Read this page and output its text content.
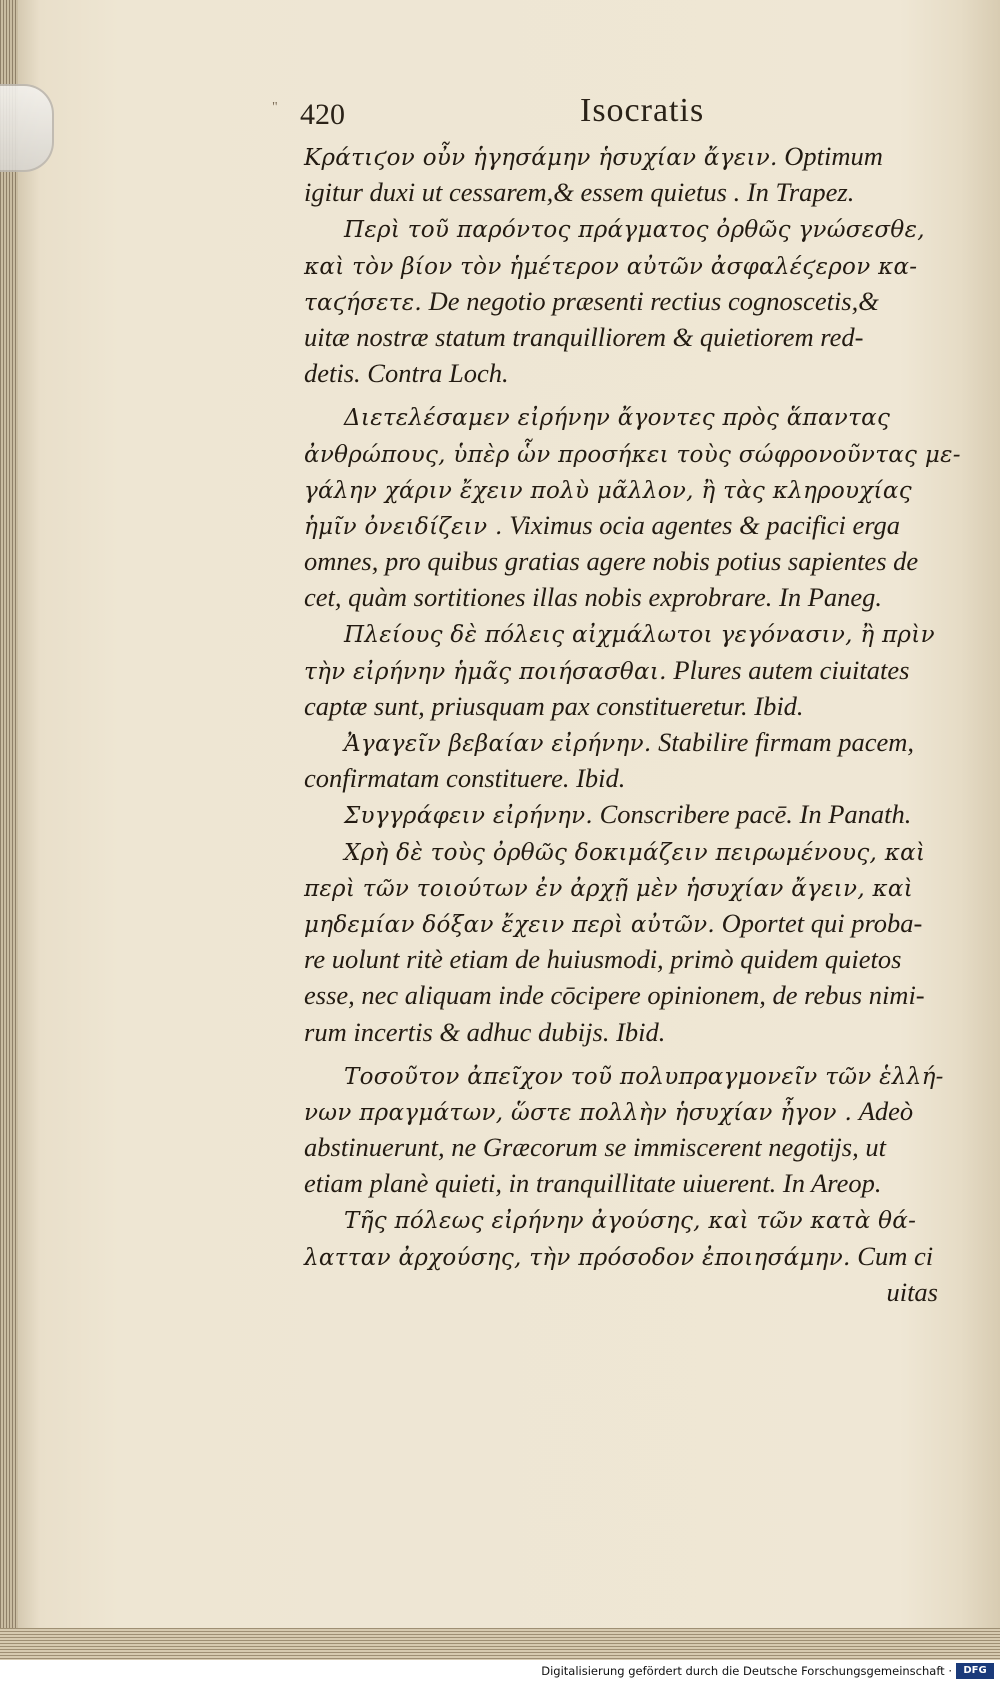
" 420	Isocratis
Κράτιϛον οὖν ἡγησάμην ἡσυχίαν ἄγειν. Optimum
igitur duxi ut cessarem,& essem quietus . In Trapez.
Περὶ τοῦ παρόντος πράγματος ὀρθῶς γνώσεσθε,
καὶ τὸν βίον τὸν ἡμέτερον αὐτῶν ἀσφαλέϛερον κα-
ταϛήσετε. De negotio præsenti rectius cognoscetis,&
uitæ nostræ statum tranquilliorem & quietiorem red-
detis. Contra Loch.
Διετελέσαμεν εἰρήνην ἄγοντες πρὸς ἅπαντας
ἀνθρώπους, ὑπὲρ ὧν προσήκει τοὺς σώφρονοῦντας με-
γάλην χάριν ἔχειν πολὺ μᾶλλον, ἢ τὰς κληρουχίας
ἡμῖν ὀνειδίζειν . Viximus ocia agentes & pacifici erga
omnes, pro quibus gratias agere nobis potius sapientes de
cet, quàm sortitiones illas nobis exprobrare. In Paneg.
Πλείους δὲ πόλεις αἰχμάλωτοι γεγόνασιν, ἢ πρὶν
τὴν εἰρήνην ἡμᾶς ποιήσασθαι. Plures autem ciuitates
captæ sunt, priusquam pax constitueretur. Ibid.
Ἀγαγεῖν βεβαίαν εἰρήνην. Stabilire firmam pacem,
confirmatam constituere. Ibid.
Συγγράφειν εἰρήνην. Conscribere pacē. In Panath.
Χρὴ δὲ τοὺς ὀρθῶς δοκιμάζειν πειρωμένους, καὶ
περὶ τῶν τοιούτων ἐν ἀρχῇ μὲν ἡσυχίαν ἄγειν, καὶ
μηδεμίαν δόξαν ἔχειν περὶ αὐτῶν. Oportet qui proba-
re uolunt ritè etiam de huiusmodi, primò quidem quietos
esse, nec aliquam inde cōcipere opinionem, de rebus nimi-
rum incertis & adhuc dubijs. Ibid.
Τοσοῦτον ἀπεῖχον τοῦ πολυπραγμονεῖν τῶν ἑλλή-
νων πραγμάτων, ὥστε πολλὴν ἡσυχίαν ἦγον . Adeò
abstinuerunt, ne Græcorum se immiscerent negotijs, ut
etiam planè quieti, in tranquillitate uiuerent. In Areop.
Τῆς πόλεως εἰρήνην ἀγούσης, καὶ τῶν κατὰ θά-
λατταν ἀρχούσης, τὴν πρόσοδον ἐποιησάμην. Cum ci
uitas
Digitalisierung gefördert durch die Deutsche Forschungsgemeinschaft ·	DFG
